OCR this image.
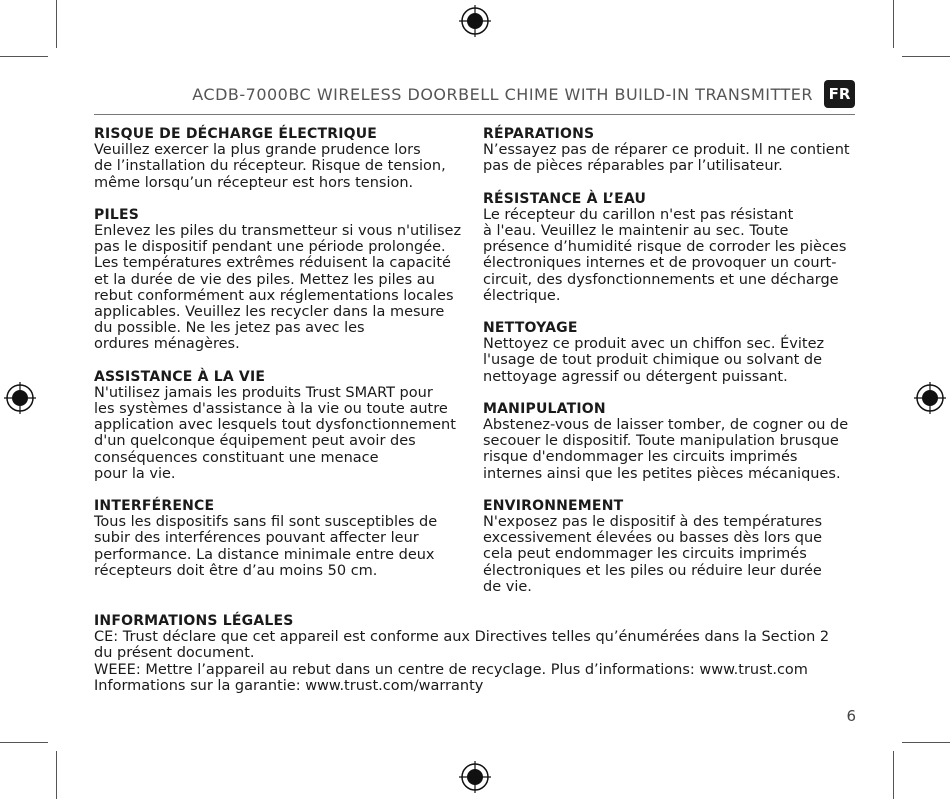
ACDB-7000BC WIRELESS DOORBELL CHIME WITH BUILD-IN TRANSMITTER	FR
RISQUE DE DÉCHARGE ÉLECTRIQUE
Veuillez exercer la plus grande prudence lors
de l’installation du récepteur. Risque de tension,
même lorsqu’un récepteur est hors tension.
PILES
Enlevez les piles du transmetteur si vous n'utilisez
pas le dispositif pendant une période prolongée.
Les températures extrêmes réduisent la capacité
et la durée de vie des piles. Mettez les piles au
rebut conformément aux réglementations locales
applicables. Veuillez les recycler dans la mesure
du possible. Ne les jetez pas avec les
ordures ménagères.
ASSISTANCE À LA VIE
N'utilisez jamais les produits Trust SMART pour
les systèmes d'assistance à la vie ou toute autre
application avec lesquels tout dysfonctionnement
d'un quelconque équipement peut avoir des
conséquences constituant une menace
pour la vie.
INTERFÉRENCE
Tous les dispositifs sans fil sont susceptibles de
subir des interférences pouvant affecter leur
performance. La distance minimale entre deux
récepteurs doit être d’au moins 50 cm.
RÉPARATIONS
N’essayez pas de réparer ce produit. Il ne contient
pas de pièces réparables par l’utilisateur.
RÉSISTANCE À L’EAU
Le récepteur du carillon n'est pas résistant
à l'eau. Veuillez le maintenir au sec. Toute
présence d’humidité risque de corroder les pièces
électroniques internes et de provoquer un court-
circuit, des dysfonctionnements et une décharge
électrique.
NETTOYAGE
Nettoyez ce produit avec un chiffon sec. Évitez
l'usage de tout produit chimique ou solvant de
nettoyage agressif ou détergent puissant.
MANIPULATION
Abstenez-vous de laisser tomber, de cogner ou de
secouer le dispositif. Toute manipulation brusque
risque d'endommager les circuits imprimés
internes ainsi que les petites pièces mécaniques.
ENVIRONNEMENT
N'exposez pas le dispositif à des températures
excessivement élevées ou basses dès lors que
cela peut endommager les circuits imprimés
électroniques et les piles ou réduire leur durée
de vie.
INFORMATIONS LÉGALES
CE: Trust déclare que cet appareil est conforme aux Directives telles qu’énumérées dans la Section 2
du présent document.
WEEE: Mettre l’appareil au rebut dans un centre de recyclage. Plus d’informations: www.trust.com
Informations sur la garantie: www.trust.com/warranty
6
